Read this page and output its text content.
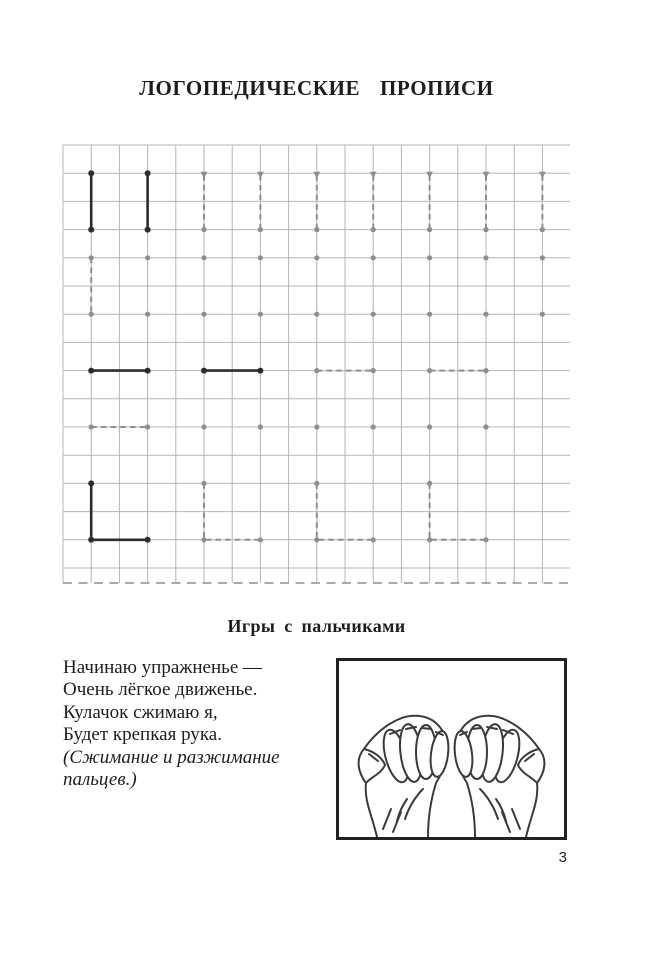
ЛОГОПЕДИЧЕСКИЕ ПРОПИСИ
Игры с пальчиками

Начинаю упражненье —

Очень лёгкое движенье.

Кулачок сжимаю я,

Будет крепкая рука.

(Сжимание и разжимание

пальцев.)

3
